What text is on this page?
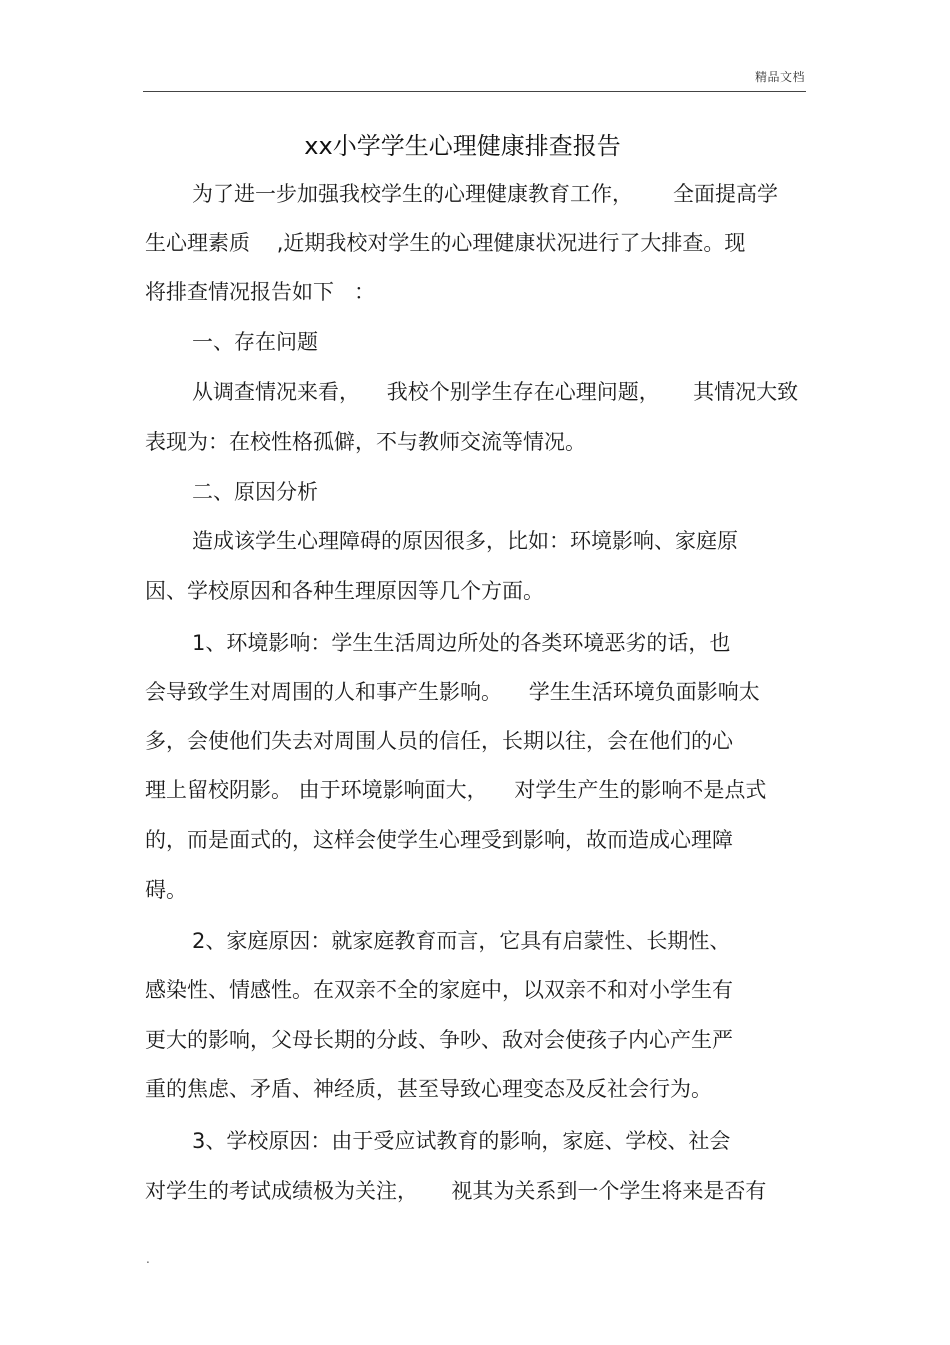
精品文档
xx小学学生心理健康排查报告
为了进一步加强我校学生的心理健康教育工作，      全面提高学
生心理素质    ,近期我校对学生的心理健康状况进行了大排查。现
将排查情况报告如下   ：
一、存在问题
从调查情况来看，    我校个别学生存在心理问题，     其情况大致
表现为：在校性格孤僻，不与教师交流等情况。
二、原因分析
造成该学生心理障碍的原因很多，比如：环境影响、家庭原
因、学校原因和各种生理原因等几个方面。
1、环境影响：学生生活周边所处的各类环境恶劣的话，也
会导致学生对周围的人和事产生影响。    学生生活环境负面影响太
多，会使他们失去对周围人员的信任，长期以往，会在他们的心
理上留校阴影。 由于环境影响面大，    对学生产生的影响不是点式
的，而是面式的，这样会使学生心理受到影响，故而造成心理障
碍。
2、家庭原因：就家庭教育而言，它具有启蒙性、长期性、
感染性、情感性。在双亲不全的家庭中，以双亲不和对小学生有
更大的影响，父母长期的分歧、争吵、敌对会使孩子内心产生严
重的焦虑、矛盾、神经质，甚至导致心理变态及反社会行为。
3、学校原因：由于受应试教育的影响，家庭、学校、社会
对学生的考试成绩极为关注，     视其为关系到一个学生将来是否有
.
